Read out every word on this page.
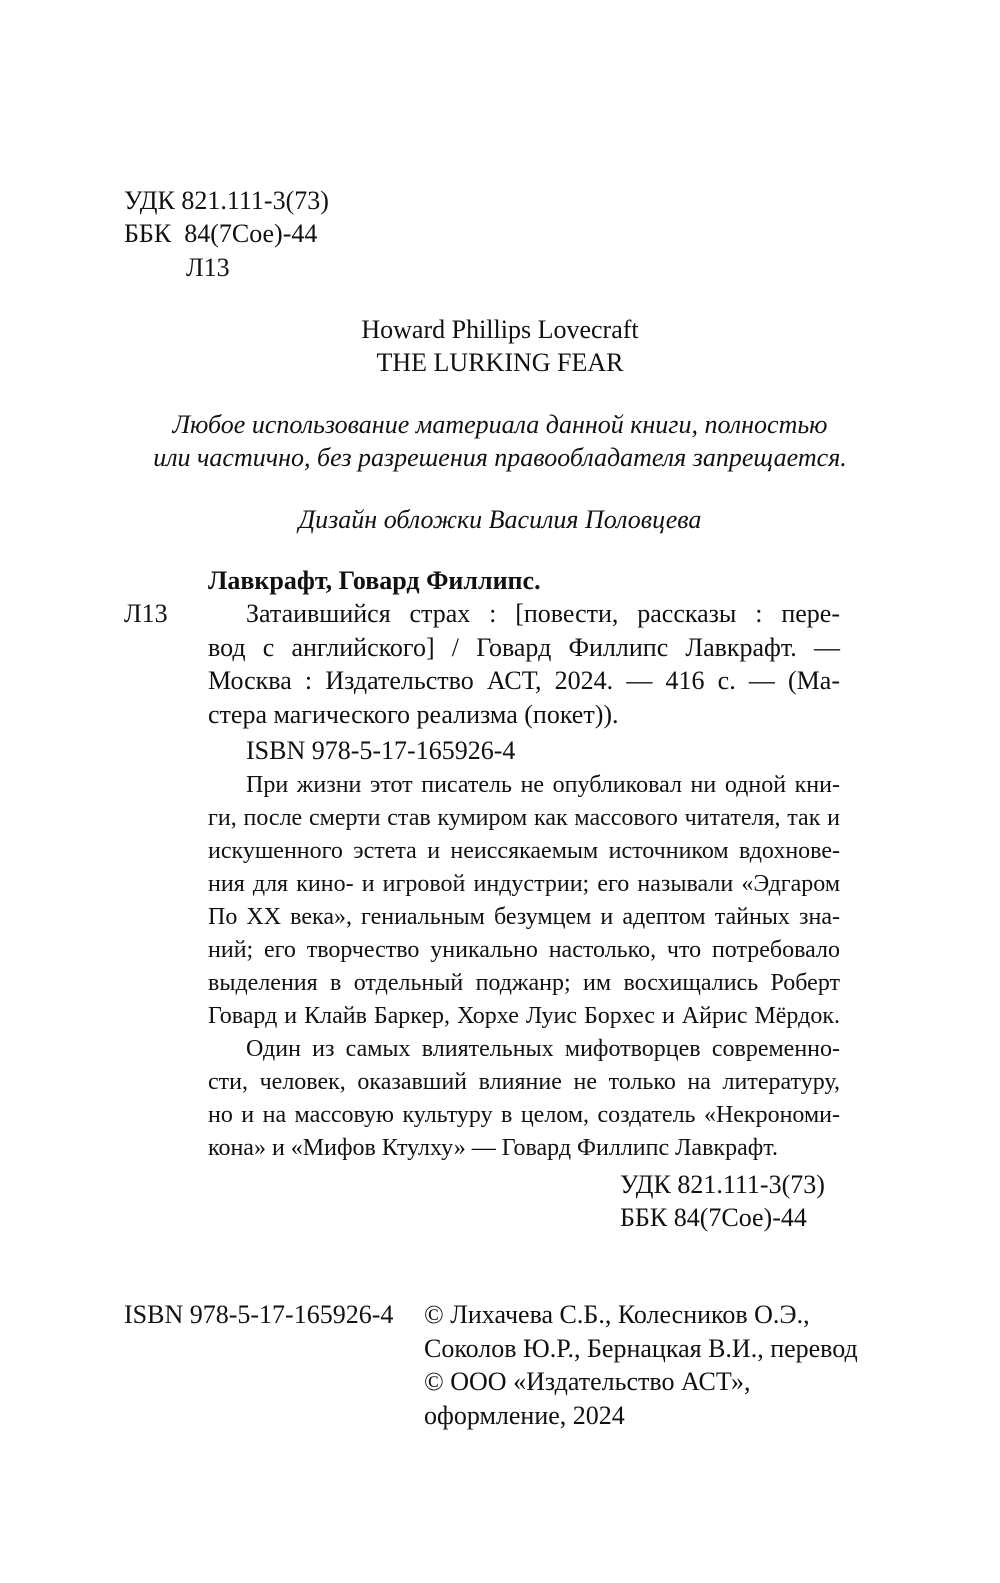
УДК 821.111-3(73)
ББК  84(7Сое)-44
Л13
Howard Phillips Lovecraft
THE LURKING FEAR
Любое использование материала данной книги, полностью
или частично, без разрешения правообладателя запрещается.
Дизайн обложки Василия Половцева
Лавкрафт, Говард Филлипс.
Л13	Затаившийся страх : [повести, рассказы : пере-
вод с английского] / Говард Филлипс Лавкрафт. —
Москва : Издательство АСТ, 2024. — 416 с. — (Ма-
стера магического реализма (покет)).
ISBN 978-5-17-165926-4
При жизни этот писатель не опубликовал ни одной кни-
ги, после смерти став кумиром как массового читателя, так и
искушенного эстета и неиссякаемым источником вдохнове-
ния для кино- и игровой индустрии; его называли «Эдгаром
По XX века», гениальным безумцем и адептом тайных зна-
ний; его творчество уникально настолько, что потребовало
выделения в отдельный поджанр; им восхищались Роберт
Говард и Клайв Баркер, Хорхе Луис Борхес и Айрис Мёрдок.
Один из самых влиятельных мифотворцев современно-
сти, человек, оказавший влияние не только на литературу,
но и на массовую культуру в целом, создатель «Некрономи-
кона» и «Мифов Ктулху» — Говард Филлипс Лавкрафт.
УДК 821.111-3(73)
ББК 84(7Сое)-44
ISBN 978-5-17-165926-4 © Лихачева С.Б., Колесников О.Э.,
Соколов Ю.Р., Бернацкая В.И., перевод
© ООО «Издательство АСТ»,
оформление, 2024
